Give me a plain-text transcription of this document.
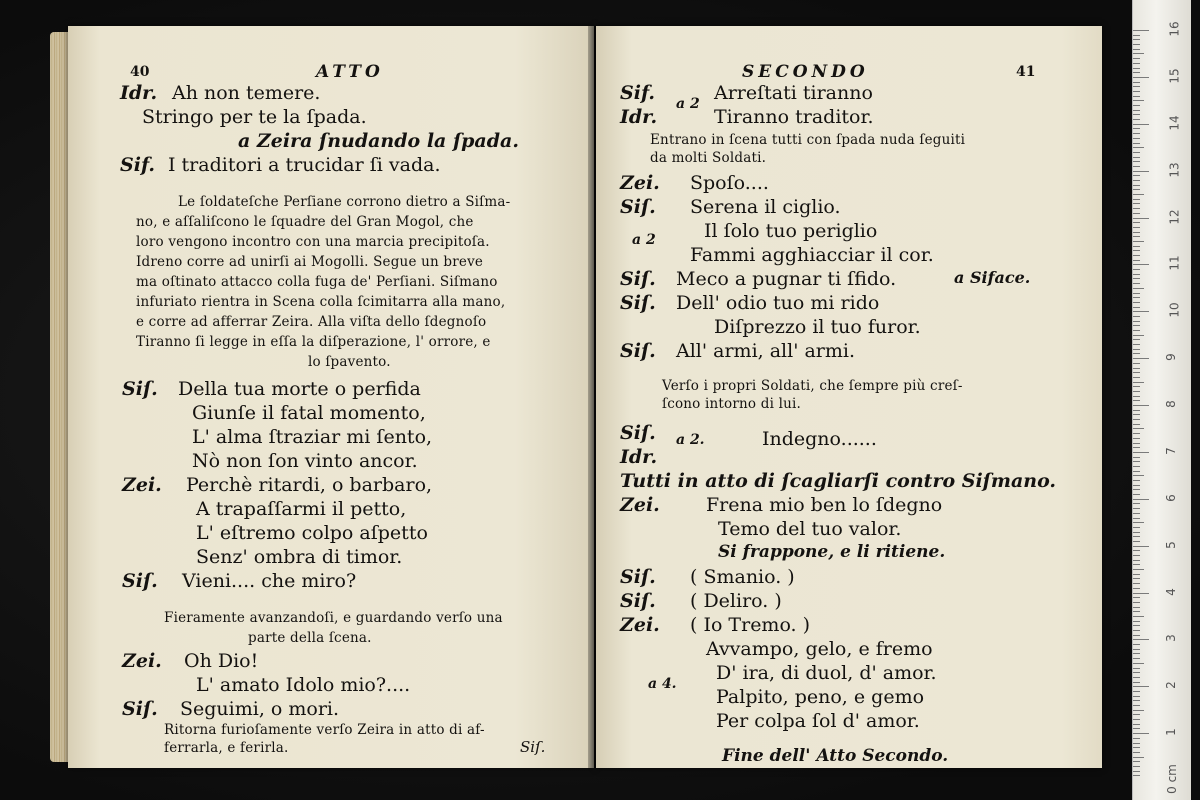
40	ATTO
Idr. Ah non temere.
Stringo per te la ſpada.
a Zeira ſnudando la ſpada.
Sif. I traditori a trucidar ſi vada.
Le ſoldateſche Perſiane corrono dietro a Siſma-
no, e aſſaliſcono le ſquadre del Gran Mogol, che
loro vengono incontro con una marcia precipitoſa.
Idreno corre ad unirſi ai Mogolli. Segue un breve
ma oſtinato attacco colla fuga de' Perſiani. Siſmano
infuriato rientra in Scena colla ſcimitarra alla mano,
e corre ad afferrar Zeira. Alla viſta dello ſdegnoſo
Tiranno ſi legge in eſſa la diſperazione, l' orrore, e
lo ſpavento.
Siſ. Della tua morte o perfida
Giunſe il fatal momento,
L' alma ſtraziar mi ſento,
Nò non ſon vinto ancor.
Zei. Perchè ritardi, o barbaro,
A trapaſſarmi il petto,
L' eſtremo colpo aſpetto
Senz' ombra di timor.
Siſ. Vieni.... che miro?
Fieramente avanzandoſi, e guardando verſo una
parte della ſcena.
Zei. Oh Dio!
L' amato Idolo mio?....
Siſ. Seguimi, o mori.
Ritorna furioſamente verſo Zeira in atto di af-
ferrarla, e ferirla.	Siſ.
SECONDO	41
Sif.
Idr.
a 2 Arreſtati tiranno
Tiranno traditor.
Entrano in ſcena tutti con ſpada nuda ſeguiti
da molti Soldati.
Zei. Spoſo....
Siſ. Serena il ciglio.
a 2	Il ſolo tuo periglio
Fammi agghiacciar il cor.
Siſ. Meco a pugnar ti ſfido.	a Siface.
Siſ. Dell' odio tuo mi rido
Diſprezzo il tuo furor.
Siſ. All' armi, all' armi.
Verſo i propri Soldati, che ſempre più creſ-
ſcono intorno di lui.
Siſ.
Idr.
a 2.	Indegno......
Tutti in atto di ſcagliarſi contro Siſmano.
Zei. Frena mio ben lo ſdegno
Temo del tuo valor.
Si frappone, e li ritiene.
Siſ. ( Smanio. )
Siſ. ( Deliro. )
Zei. ( Io Tremo. )
Avvampo, gelo, e fremo
D' ira, di duol, d' amor.
a 4.
Palpito, peno, e gemo
Per colpa ſol d' amor.
Fine dell' Atto Secondo.
16
15
14
13
12
11
10
9
8
7
6
5
4
3
2
1
0 cm
